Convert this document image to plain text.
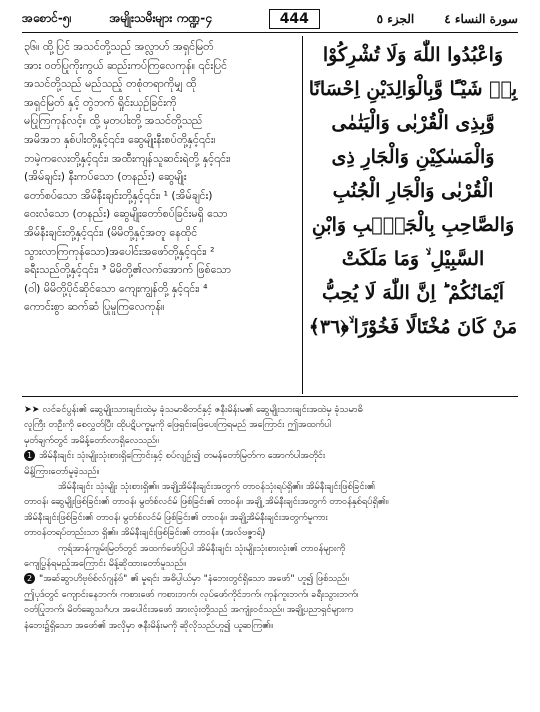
အစောင်-၅၊	အမျိုးသမီးများ ကဏ္ဍ-၄	444	الجزء ٥	سورة النساء ٤
၃၆။ ထို့ပြင် အသင်တို့သည် အလ္လာဟ် အရှင်မြတ်
အား ဝတ်ပြုကိုးကွယ် ဆည်းကပ်ကြလေကုန်။ ၎င်းပြင်
အသင်တို့သည် မည်သည့် တစုံတရာကိုမျှ ထို
အရှင်မြတ် နှင့် တွဲဘက် ရှိုင်းယှဉ်ခြင်းကို
မပြုကြကုန်လင့်။ ထို့ မှတပါးတို့ အသင်တို့သည်
အမိအဘ နှစ်ပါးတို့နှင့်၎င်း၊ ဆွေမျိုးနီးစပ်တို့နှင့်၎င်း၊
ဘမဲ့ကလေးတို့နှင့်၎င်း၊ အထီးကျန်သူဆင်းရဲတို့ နှင့်၎င်း၊
(အိမ်ချင်း) နီးကပ်သော (တနည်း) ဆွေမျိုး
တော်စပ်သော အိမ်နီးချင်းတို့နှင့်၎င်း၊ ¹ (အိမ်ချင်း)
ဝေးလံသော (တနည်း) ဆွေမျိုးတော်စပ်ခြင်းမရှိ သော
အိမ်နီးချင်းတို့နှင့်၎င်း၊ (မိမိတို့နှင့်အတူ နေထိုင်
သွားလာကြကုန်သော)အပေါင်းအဖော်တို့နှင့်၎င်း၊ ²
ခရီးသည်တို့နှင့်၎င်း၊ ³ မိမိတို့၏လက်အောက် ဖြစ်သော
(ဝါ) မိမိတို့ပိုင်ဆိုင်သော ကျေးကျွန်တို့ နှင့်၎င်း၊ ⁴
ကောင်းစွာ ဆက်ဆံ ပြုမူကြလေကုန်။
وَاعْبُدُوا اللّٰهَ وَلَا تُشْرِكُوْا
بِهٖ شَيْـًٔا وَّبِالْوَالِدَيْنِ اِحْسَانًا
وَّبِذِى الْقُرْبٰى وَالْيَتٰمٰى
وَالْمَسٰكِيْنِ وَالْجَارِ ذِى
الْقُرْبٰى وَالْجَارِ الْجُنُبِ
وَالصَّاحِبِ بِالْجَنْۢبِ وَابْنِ
السَّبِيْلِ ۙ وَمَا مَلَكَتْ
اَيْمَانُكُمْ ؕ اِنَّ اللّٰهَ لَا يُحِبُّ
مَنْ كَانَ مُخْتَالًا فَخُوْرًا ۙ﴿٣٦﴾
➤➤ လင်ခင်ပွန်း၏ ဆွေမျိုးသားချင်းထဲမှ ခုံသမာဓိတင်နှင့် ဇနီးမိန်းမ၏ ဆွေမျိုးသားချင်းအထဲမှ ခုံသမာဓိ
လူကြီး တဦးကို စေလွှတ်ပြီး ထိုပဋိပက္ခမှုကို ဖြေရှင်းဖြေပေးကြရမည် အကြောင်း ဤအထက်ပါ
မှတ်ချက်တွင် အမိန့်တော်လာရှိလေသည်။
1 အိမ်နီးချင်း သုံးမျိုးသုံးစားရှိကြောင်းနှင့် စပ်လျဉ်း၍ တမန်တော်မြတ်က အောက်ပါအတိုင်း
မိန့်ကြားတော်မူခဲ့သည်။
အိမ်နီးချင်း သုံးမျိုး သုံးစားရှိ၏။ အချို့အိမ်နီးချင်းအတွက် တာဝန်သုံးရပ်ရှိ၏။ အိမ်နီးချင်းဖြစ်ခြင်း၏
တာဝန်၊ ဆွေမျိုးဖြစ်ခြင်း၏ တာဝန်၊ မွတ်စ်လင်မ် ဖြစ်ခြင်း၏ တာဝန်။ အချို့ အိမ်နီးချင်းအတွက် တာဝန်နှစ်ရပ်ရှိ၏။
အိမ်နီးချင်းဖြစ်ခြင်း၏ တာဝန်၊ မွတ်စ်လင်မ် ဖြစ်ခြင်း၏ တာဝန်။ အချို့အိမ်နီးချင်းအတွက်မူကား
တာဝန်တရပ်တည်းသာ ရှိ၏။ အိမ်နီးချင်းဖြစ်ခြင်း၏ တာဝန်။ (အလ်ဗဇ္ဇာရ်)
ကုရ်အာန်ကျမ်းမြတ်တွင် အထက်ဖော်ပြပါ အိမ်နီးချင်း သုံးမျိုးသုံးစားလုံး၏ တာဝန်များကို
ကျေပြွန်ရမည့်အကြောင်း မိန့်ဆိုထားတော်မူသည်။
2 "အဆ်ဆွာဟိဗုဗ်စ်လ်ဂျန်ဗ်" ၏ မူရင်း အဓိပ္ပါယ်မှာ "နံဘေးတွင်ရှိသော အဖော်" ဟူ၍ ဖြစ်သည်။
ဤပုဒ်တွင် ကျောင်းနေဘက်၊ ကစားဖော် ကစားဘက်၊ လုပ်ဖော်ကိုင်ဘက်၊ ကုန်ကူးဘက်၊ ခရီးသွားဘက်၊
ဝတ်ပြုဘက်၊ မိတ်ဆွေသင်္ဂဟ၊ အပေါင်းအဖော် အားလုံးတို့သည် အကျုံးဝင်သည်။ အချို့ပညာရှင်များက
နံဘေး၌ရှိသော အဖော်၏ အလိုမှာ ဇနီးမိန်းမကို ဆိုလိုသည်ဟူ၍ ယူဆကြ၏။
